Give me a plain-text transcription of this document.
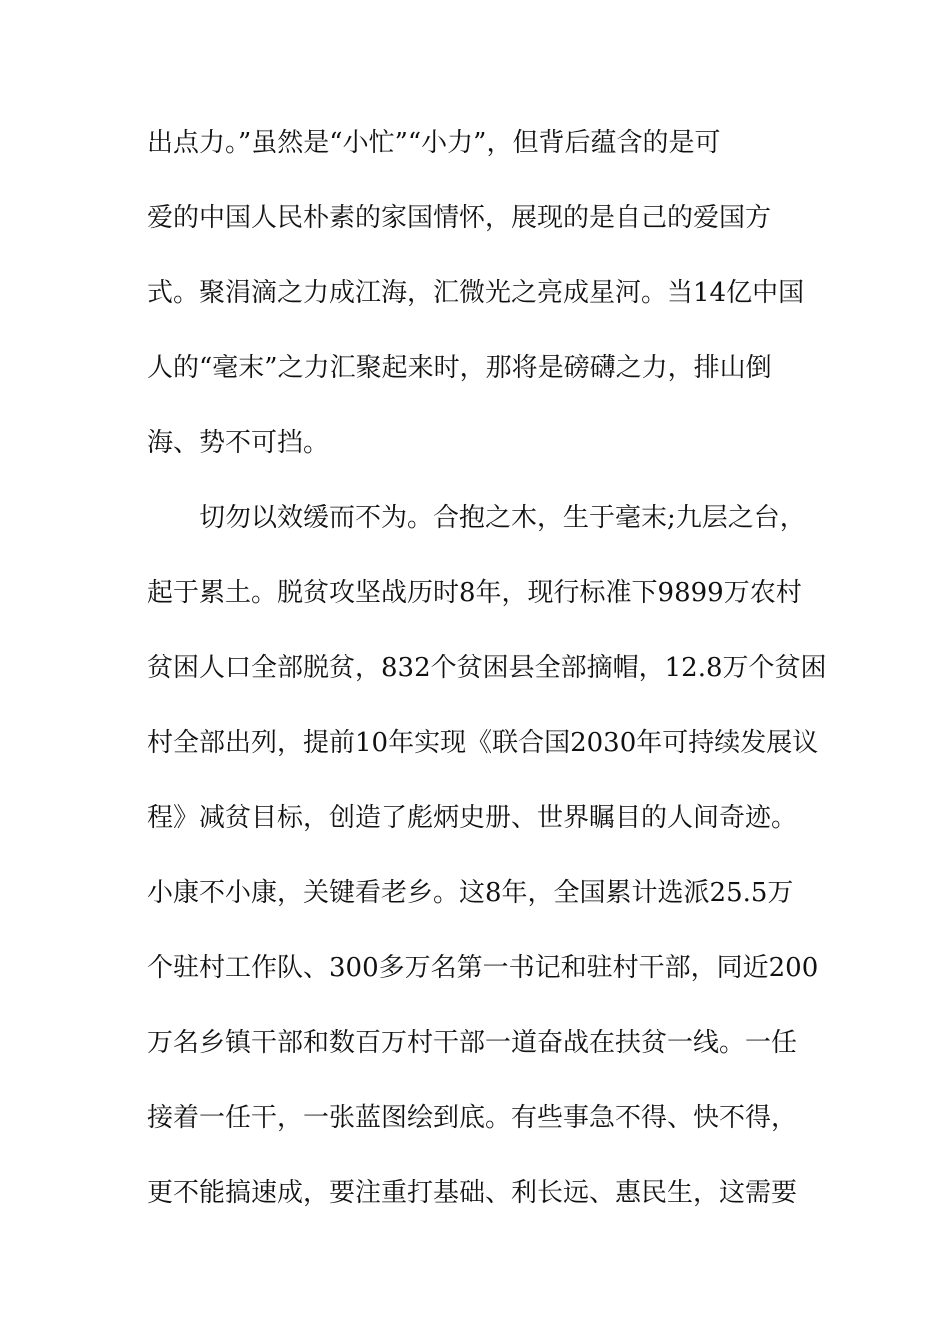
出点力。”虽然是“小忙”“小力”，但背后蕴含的是可
爱的中国人民朴素的家国情怀，展现的是自己的爱国方
式。聚涓滴之力成江海，汇微光之亮成星河。当14亿中国
人的“毫末”之力汇聚起来时，那将是磅礴之力，排山倒
海、势不可挡。
　　切勿以效缓而不为。合抱之木，生于毫末;九层之台，
起于累土。脱贫攻坚战历时8年，现行标准下9899万农村
贫困人口全部脱贫，832个贫困县全部摘帽，12.8万个贫困
村全部出列，提前10年实现《联合国2030年可持续发展议
程》减贫目标，创造了彪炳史册、世界瞩目的人间奇迹。
小康不小康，关键看老乡。这8年，全国累计选派25.5万
个驻村工作队、300多万名第一书记和驻村干部，同近200
万名乡镇干部和数百万村干部一道奋战在扶贫一线。一任
接着一任干，一张蓝图绘到底。有些事急不得、快不得，
更不能搞速成，要注重打基础、利长远、惠民生，这需要
